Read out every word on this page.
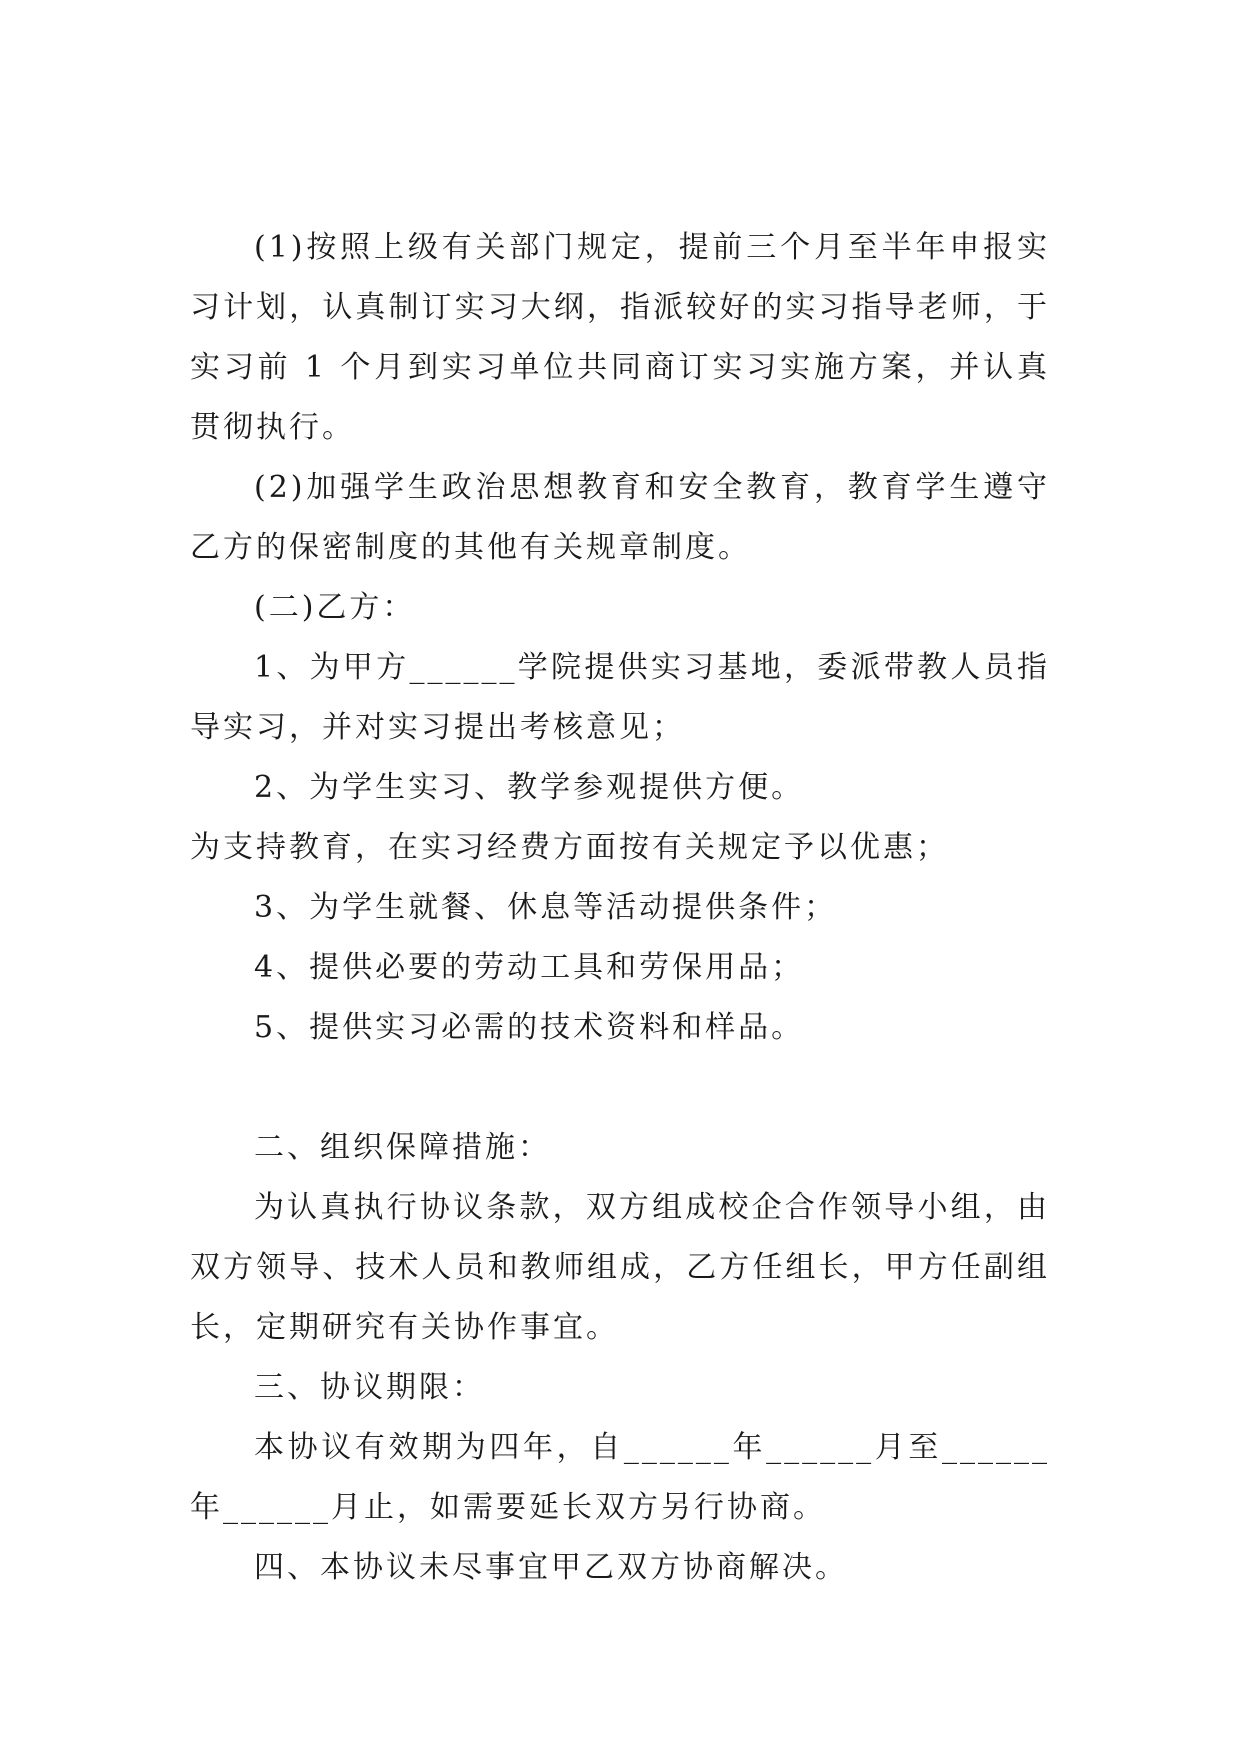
(1)按照上级有关部门规定，提前三个月至半年申报实习计划，认真制订实习大纲，指派较好的实习指导老师，于实习前 1 个月到实习单位共同商订实习实施方案，并认真贯彻执行。

(2)加强学生政治思想教育和安全教育，教育学生遵守乙方的保密制度的其他有关规章制度。

(二)乙方：

1、为甲方______学院提供实习基地，委派带教人员指导实习，并对实习提出考核意见；

2、为学生实习、教学参观提供方便。

为支持教育，在实习经费方面按有关规定予以优惠；

3、为学生就餐、休息等活动提供条件；

4、提供必要的劳动工具和劳保用品；

5、提供实习必需的技术资料和样品。

二、组织保障措施：

为认真执行协议条款，双方组成校企合作领导小组，由双方领导、技术人员和教师组成，乙方任组长，甲方任副组长，定期研究有关协作事宜。

三、协议期限：

本协议有效期为四年，自______年______月至______年______月止，如需要延长双方另行协商。

四、本协议未尽事宜甲乙双方协商解决。
